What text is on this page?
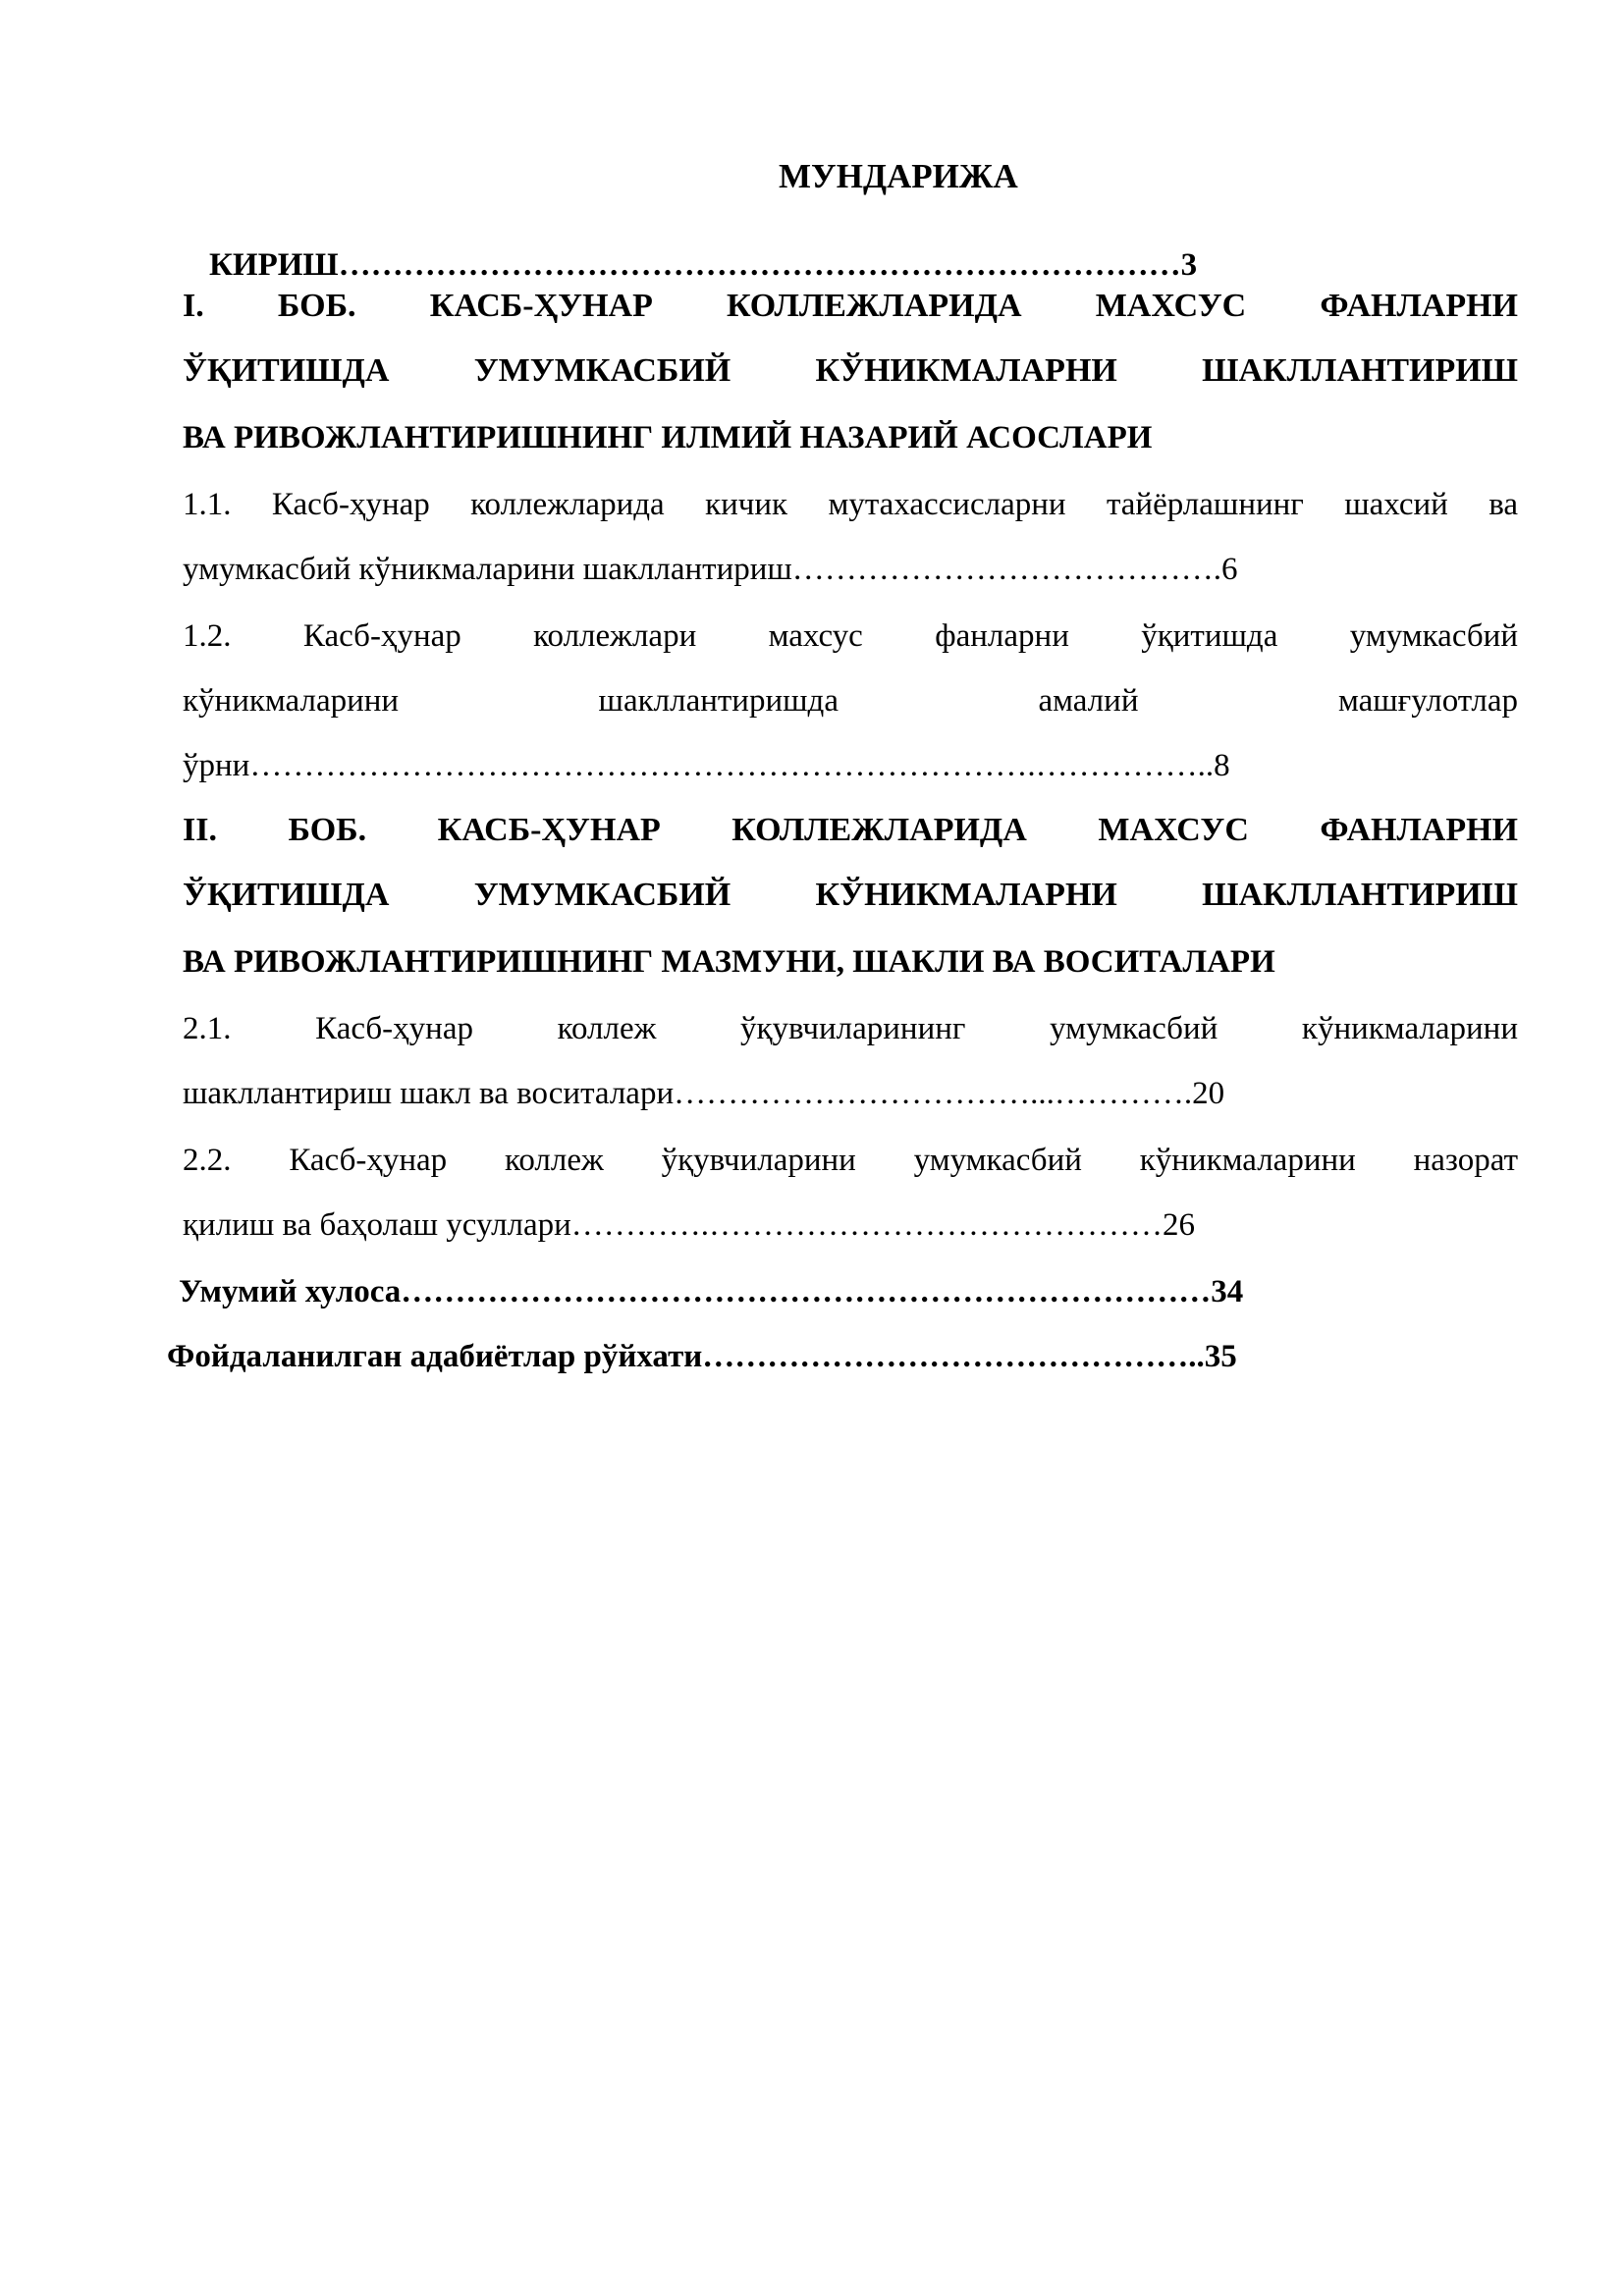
МУНДАРИЖА
КИРИШ……………………………………………………………………3
I. БОБ. КАСБ-ҲУНАР КОЛЛЕЖЛАРИДА МАХСУС ФАНЛАРНИ
ЎҚИТИШДА УМУМКАСБИЙ КЎНИКМАЛАРНИ ШАКЛЛАНТИРИШ
ВА РИВОЖЛАНТИРИШНИНГ ИЛМИЙ НАЗАРИЙ АСОСЛАРИ
1.1. Касб-ҳунар коллежларида кичик мутахассисларни тайёрлашнинг шахсий ва
умумкасбий кўникмаларини шакллантириш………………………………….6
1.2. Касб-ҳунар коллежлари махсус фанларни ўқитишда умумкасбий
кўникмаларини шакллантиришда амалий машғулотлар
ўрни……………………………………………………………….……………..8
II. БОБ. КАСБ-ҲУНАР КОЛЛЕЖЛАРИДА МАХСУС ФАНЛАРНИ
ЎҚИТИШДА УМУМКАСБИЙ КЎНИКМАЛАРНИ ШАКЛЛАНТИРИШ
ВА РИВОЖЛАНТИРИШНИНГ МАЗМУНИ, ШАКЛИ ВА ВОСИТАЛАРИ
2.1. Касб-ҳунар коллеж ўқувчиларининг умумкасбий кўникмаларини
шакллантириш шакл ва воситалари……………………………...………….20
2.2. Касб-ҳунар коллеж ўқувчиларини умумкасбий кўникмаларини назорат
қилиш ва баҳолаш усуллари………….……………………………………26
Умумий хулоса…………………………………………………………………34
Фойдаланилган адабиётлар рўйхати………………………………………..35
